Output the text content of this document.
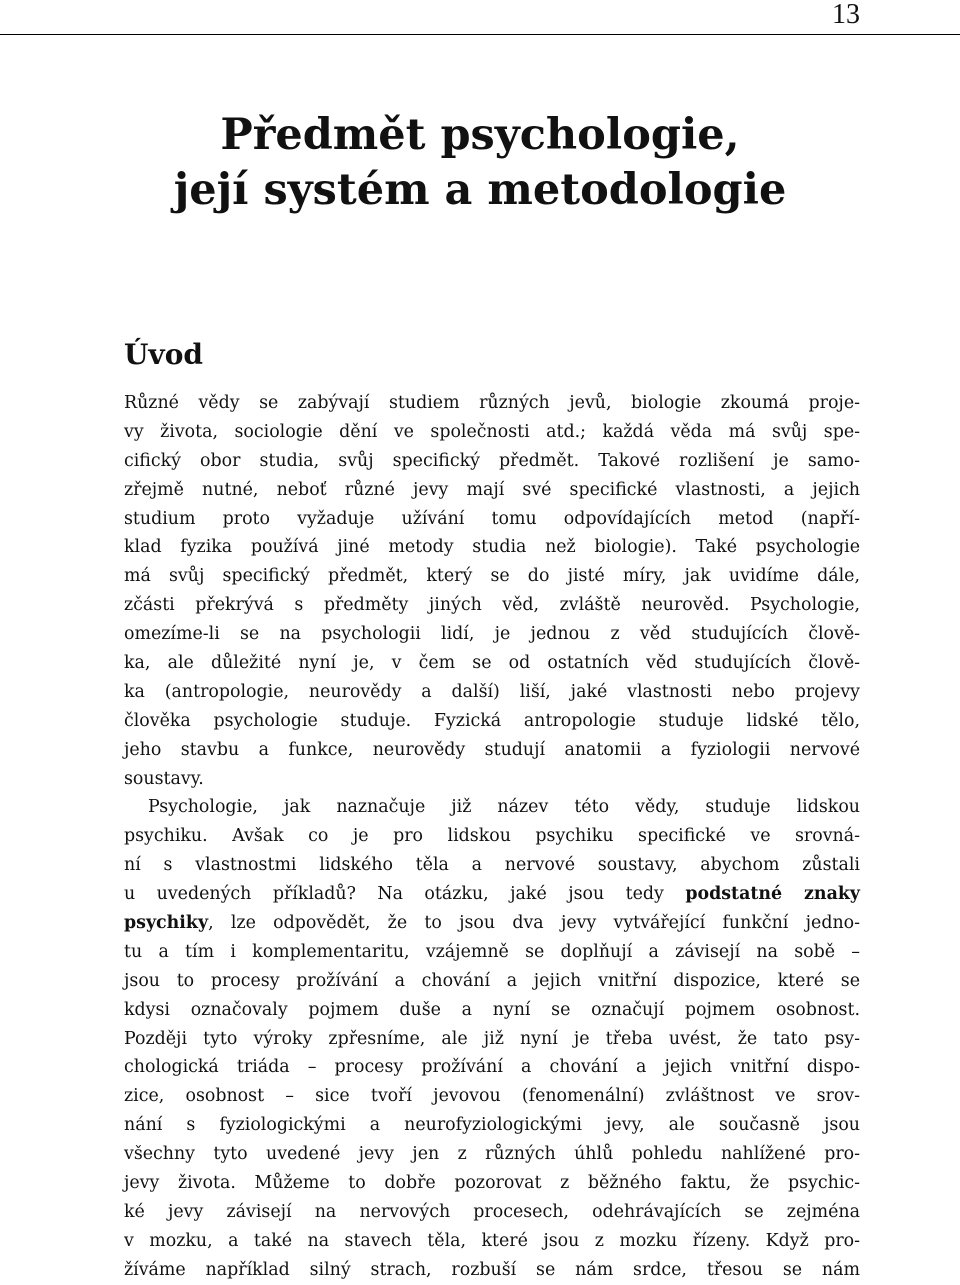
13
Předmět psychologie,
její systém a metodologie
Úvod
Různé vědy se zabývají studiem různých jevů, biologie zkoumá proje-
vy života, sociologie dění ve společnosti atd.; každá věda má svůj spe-
cifický obor studia, svůj specifický předmět. Takové rozlišení je samo-
zřejmě nutné, neboť různé jevy mají své specifické vlastnosti, a jejich
studium proto vyžaduje užívání tomu odpovídajících metod (napří-
klad fyzika používá jiné metody studia než biologie). Také psychologie
má svůj specifický předmět, který se do jisté míry, jak uvidíme dále,
zčásti překrývá s předměty jiných věd, zvláště neurověd. Psychologie,
omezíme-li se na psychologii lidí, je jednou z věd studujících člově-
ka, ale důležité nyní je, v čem se od ostatních věd studujících člově-
ka (antropologie, neurovědy a další) liší, jaké vlastnosti nebo projevy
člověka psychologie studuje. Fyzická antropologie studuje lidské tělo,
jeho stavbu a funkce, neurovědy studují anatomii a fyziologii nervové
soustavy.
Psychologie, jak naznačuje již název této vědy, studuje lidskou
psychiku. Avšak co je pro lidskou psychiku specifické ve srovná-
ní s vlastnostmi lidského těla a nervové soustavy, abychom zůstali
u uvedených příkladů? Na otázku, jaké jsou tedy podstatné znaky
psychiky, lze odpovědět, že to jsou dva jevy vytvářející funkční jedno-
tu a tím i komplementaritu, vzájemně se doplňují a závisejí na sobě –
jsou to procesy prožívání a chování a jejich vnitřní dispozice, které se
kdysi označovaly pojmem duše a nyní se označují pojmem osobnost.
Později tyto výroky zpřesníme, ale již nyní je třeba uvést, že tato psy-
chologická triáda – procesy prožívání a chování a jejich vnitřní dispo-
zice, osobnost – sice tvoří jevovou (fenomenální) zvláštnost ve srov-
nání s fyziologickými a neurofyziologickými jevy, ale současně jsou
všechny tyto uvedené jevy jen z různých úhlů pohledu nahlížené pro-
jevy života. Můžeme to dobře pozorovat z běžného faktu, že psychic-
ké jevy závisejí na nervových procesech, odehrávajících se zejména
v mozku, a také na stavech těla, které jsou z mozku řízeny. Když pro-
žíváme například silný strach, rozbuší se nám srdce, třesou se nám
